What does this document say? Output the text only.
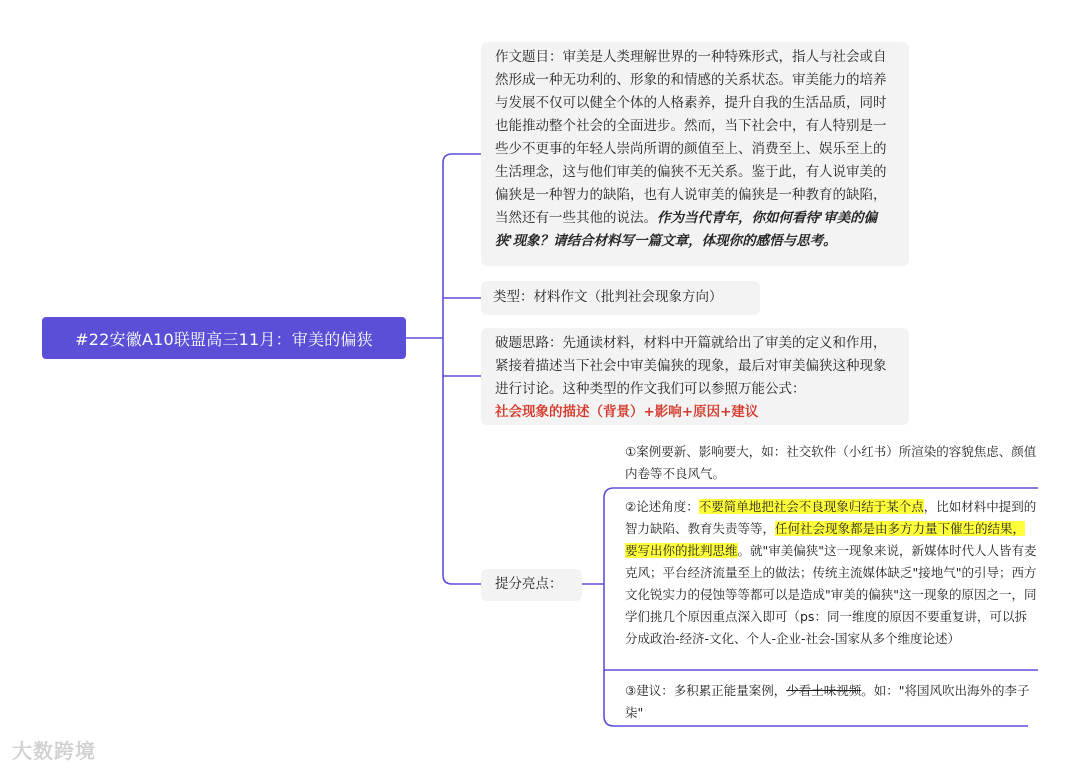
#22安徽A10联盟高三11月：审美的偏狭
作文题目：审美是人类理解世界的一种特殊形式，指人与社会或自然形成一种无功利的、形象的和情感的关系状态。审美能力的培养与发展不仅可以健全个体的人格素养，提升自我的生活品质，同时也能推动整个社会的全面进步。然而，当下社会中，有人特别是一些少不更事的年轻人崇尚所谓的颜值至上、消费至上、娱乐至上的生活理念，这与他们审美的偏狭不无关系。鉴于此，有人说审美的偏狭是一种智力的缺陷，也有人说审美的偏狭是一种教育的缺陷，当然还有一些其他的说法。作为当代青年，你如何看待'审美的偏狭'现象？请结合材料写一篇文章，体现你的感悟与思考。
类型：材料作文（批判社会现象方向）
破题思路：先通读材料，材料中开篇就给出了审美的定义和作用，紧接着描述当下社会中审美偏狭的现象，最后对审美偏狭这种现象进行讨论。这种类型的作文我们可以参照万能公式：
社会现象的描述（背景）+影响+原因+建议
提分亮点：
①案例要新、影响要大，如：社交软件（小红书）所渲染的容貌焦虑、颜值内卷等不良风气。
②论述角度：不要简单地把社会不良现象归结于某个点，比如材料中提到的智力缺陷、教育失责等等，任何社会现象都是由多方力量下催生的结果，要写出你的批判思维。就"审美偏狭"这一现象来说，新媒体时代人人皆有麦克风；平台经济流量至上的做法；传统主流媒体缺乏"接地气"的引导；西方文化锐实力的侵蚀等等都可以是造成"审美的偏狭"这一现象的原因之一，同学们挑几个原因重点深入即可（ps：同一维度的原因不要重复讲，可以拆分成政治-经济-文化、个人-企业-社会-国家从多个维度论述）
③建议：多积累正能量案例，少看土味视频。如："将国风吹出海外的李子柒"
大数跨境
